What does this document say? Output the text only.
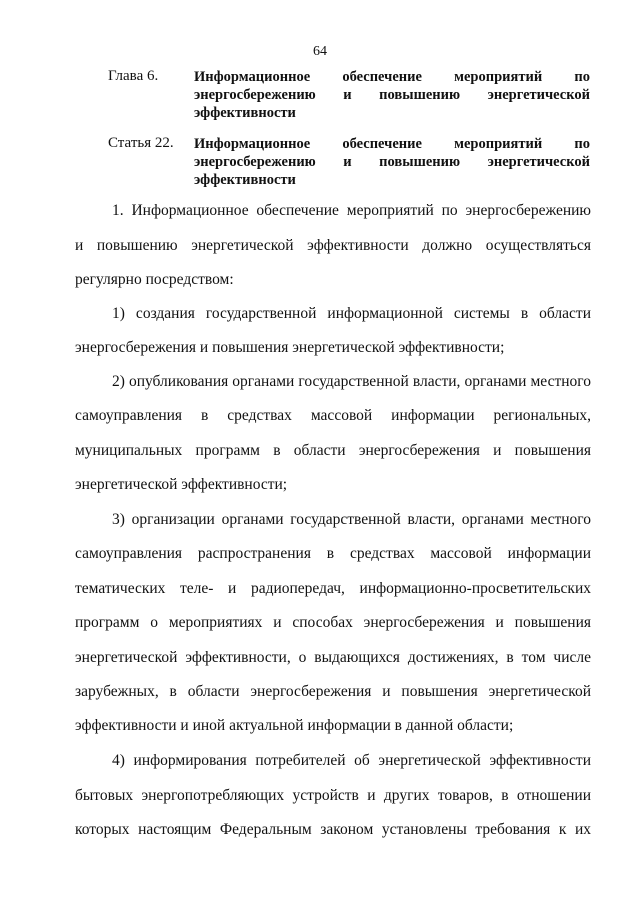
64
Глава 6. Информационное обеспечение мероприятий по энергосбережению и повышению энергетической эффективности
Статья 22. Информационное обеспечение мероприятий по энергосбережению и повышению энергетической эффективности
1. Информационное обеспечение мероприятий по энергосбережению
и повышению энергетической эффективности должно осуществляться
регулярно посредством:
1) создания государственной информационной системы в области
энергосбережения и повышения энергетической эффективности;
2) опубликования органами государственной власти, органами местного
самоуправления в средствах массовой информации региональных,
муниципальных программ в области энергосбережения и повышения
энергетической эффективности;
3) организации органами государственной власти, органами местного
самоуправления распространения в средствах массовой информации
тематических теле- и радиопередач, информационно-просветительских
программ о мероприятиях и способах энергосбережения и повышения
энергетической эффективности, о выдающихся достижениях, в том числе
зарубежных, в области энергосбережения и повышения энергетической
эффективности и иной актуальной информации в данной области;
4) информирования потребителей об энергетической эффективности
бытовых энергопотребляющих устройств и других товаров, в отношении
которых настоящим Федеральным законом установлены требования к их
